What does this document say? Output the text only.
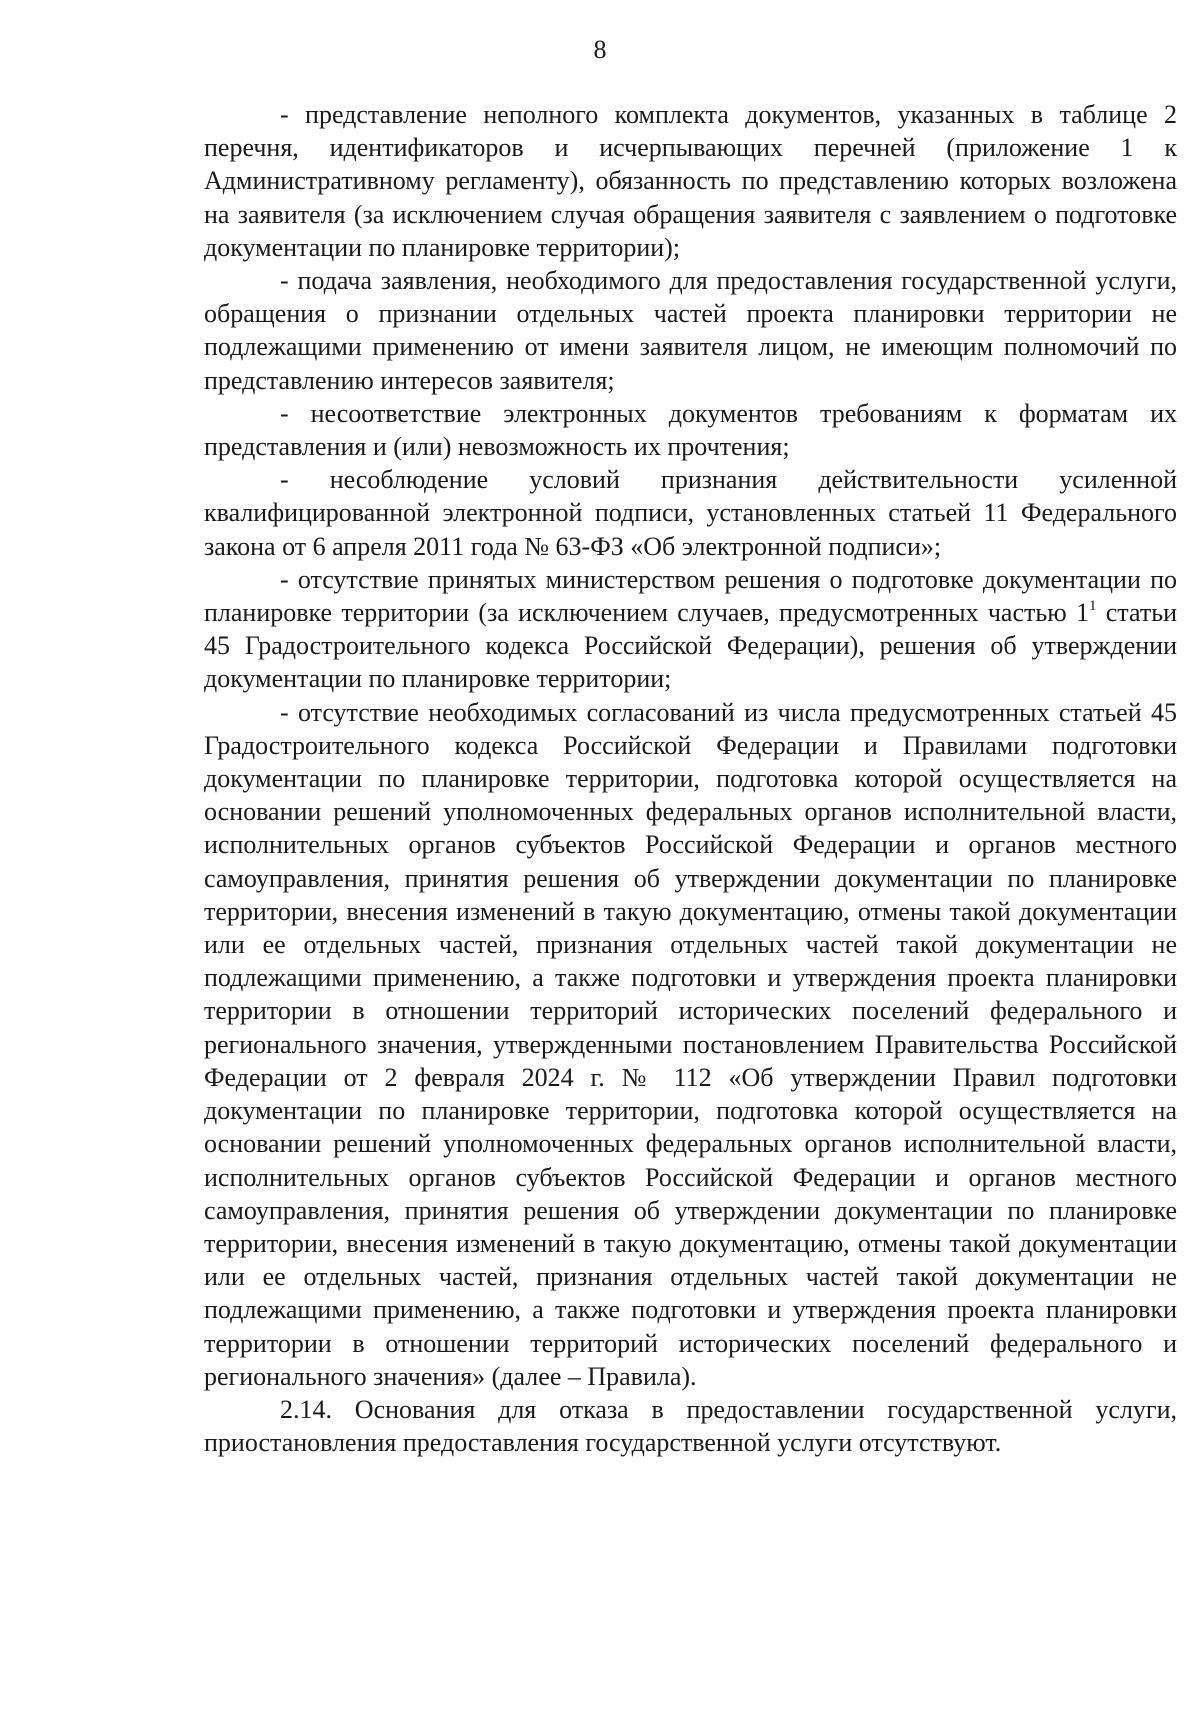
8

- представление неполного комплекта документов, указанных в таблице 2 перечня, идентификаторов и исчерпывающих перечней (приложение 1 к Административному регламенту), обязанность по представлению которых возложена на заявителя (за исключением случая обращения заявителя с заявлением о подготовке документации по планировке территории);

- подача заявления, необходимого для предоставления государственной услуги, обращения о признании отдельных частей проекта планировки территории не подлежащими применению от имени заявителя лицом, не имеющим полномочий по представлению интересов заявителя;

- несоответствие электронных документов требованиям к форматам их представления и (или) невозможность их прочтения;

- несоблюдение условий признания действительности усиленной квалифицированной электронной подписи, установленных статьей 11 Федерального закона от 6 апреля 2011 года № 63-ФЗ «Об электронной подписи»;

- отсутствие принятых министерством решения о подготовке документации по планировке территории (за исключением случаев, предусмотренных частью $1^1$ статьи 45 Градостроительного кодекса Российской Федерации), решения об утверждении документации по планировке территории;

- отсутствие необходимых согласований из числа предусмотренных статьей 45 Градостроительного кодекса Российской Федерации и Правилами подготовки документации по планировке территории, подготовка которой осуществляется на основании решений уполномоченных федеральных органов исполнительной власти, исполнительных органов субъектов Российской Федерации и органов местного самоуправления, принятия решения об утверждении документации по планировке территории, внесения изменений в такую документацию, отмены такой документации или ее отдельных частей, признания отдельных частей такой документации не подлежащими применению, а также подготовки и утверждения проекта планировки территории в отношении территорий исторических поселений федерального и регионального значения, утвержденными постановлением Правительства Российской Федерации от 2 февраля 2024 г. № 112 «Об утверждении Правил подготовки документации по планировке территории, подготовка которой осуществляется на основании решений уполномоченных федеральных органов исполнительной власти, исполнительных органов субъектов Российской Федерации и органов местного самоуправления, принятия решения об утверждении документации по планировке территории, внесения изменений в такую документацию, отмены такой документации или ее отдельных частей, признания отдельных частей такой документации не подлежащими применению, а также подготовки и утверждения проекта планировки территории в отношении территорий исторических поселений федерального и регионального значения» (далее – Правила).

2.14. Основания для отказа в предоставлении государственной услуги, приостановления предоставления государственной услуги отсутствуют.
